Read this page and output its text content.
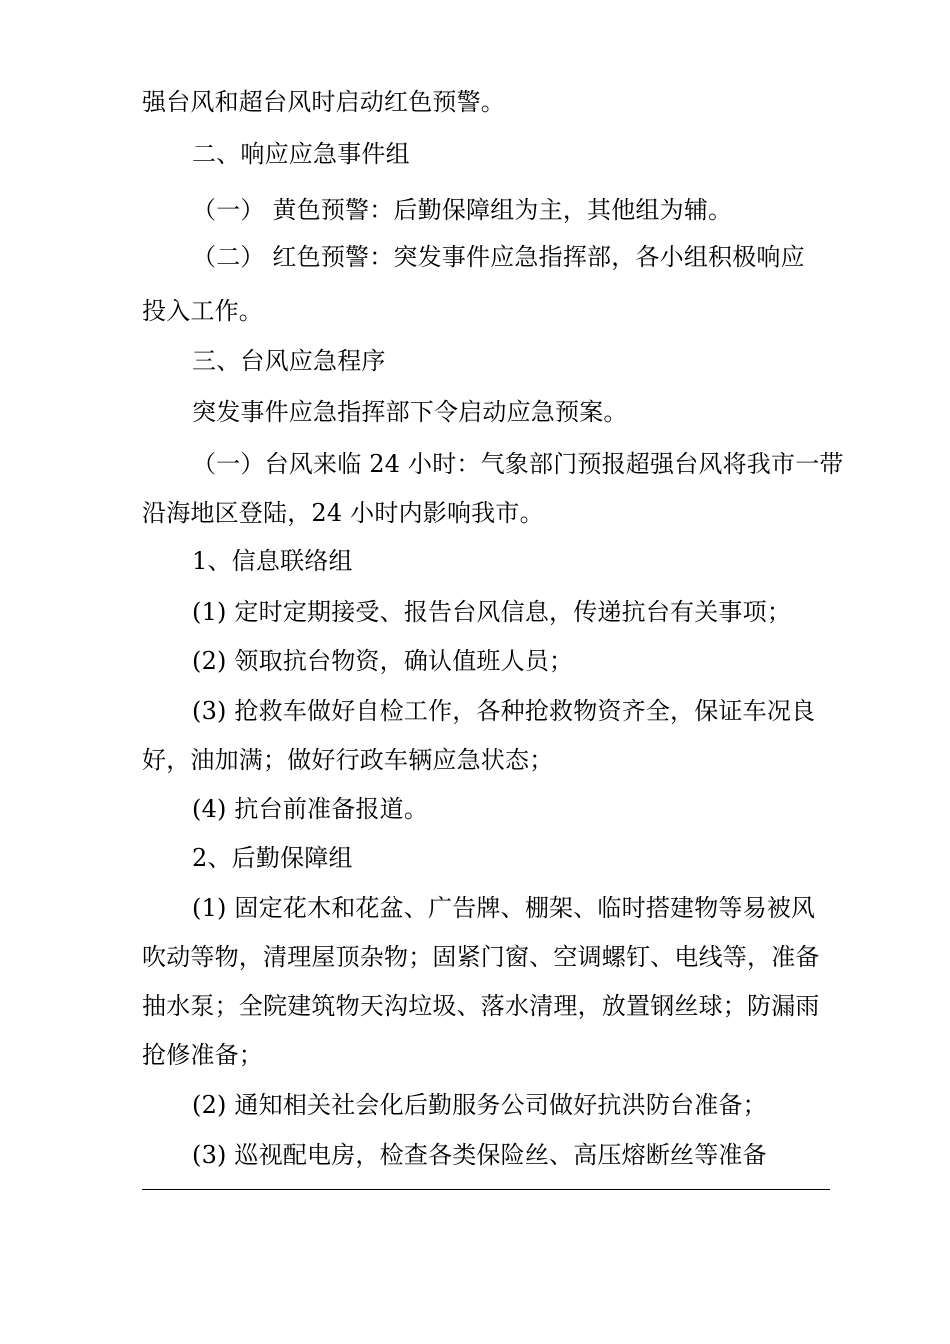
强台风和超台风时启动红色预警。
二、响应应急事件组
（一） 黄色预警：后勤保障组为主，其他组为辅。
（二） 红色预警：突发事件应急指挥部，各小组积极响应
投入工作。
三、台风应急程序
突发事件应急指挥部下令启动应急预案。
（一）台风来临 24 小时：气象部门预报超强台风将我市一带
沿海地区登陆，24 小时内影响我市。
1、信息联络组
(1) 定时定期接受、报告台风信息，传递抗台有关事项；
(2) 领取抗台物资，确认值班人员；
(3) 抢救车做好自检工作，各种抢救物资齐全，保证车况良
好，油加满；做好行政车辆应急状态；
(4) 抗台前准备报道。
2、后勤保障组
(1) 固定花木和花盆、广告牌、棚架、临时搭建物等易被风
吹动等物，清理屋顶杂物；固紧门窗、空调螺钉、电线等，准备
抽水泵；全院建筑物天沟垃圾、落水清理，放置钢丝球；防漏雨
抢修准备；
(2) 通知相关社会化后勤服务公司做好抗洪防台准备；
(3) 巡视配电房，检查各类保险丝、高压熔断丝等准备
